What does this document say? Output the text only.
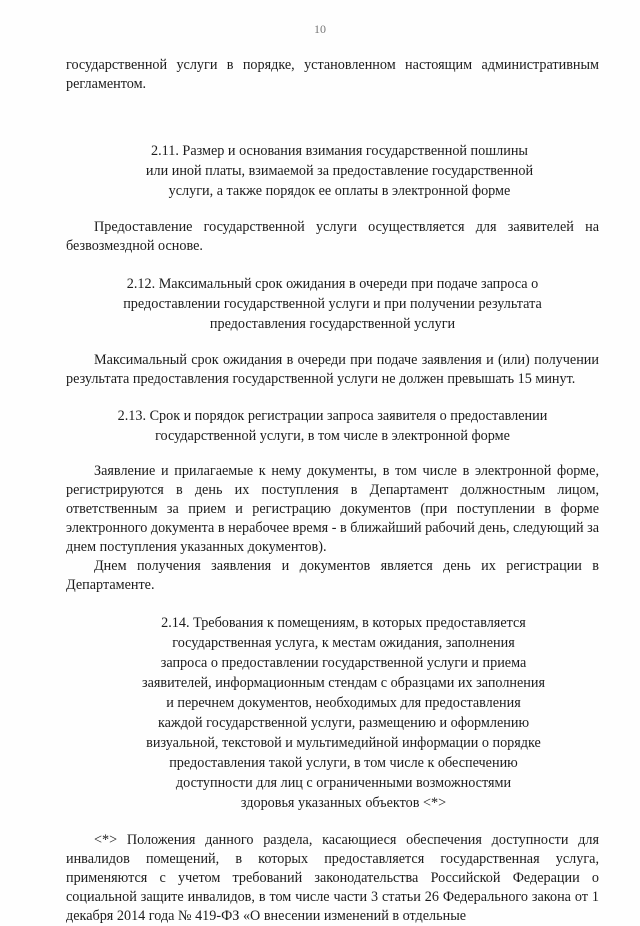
10

государственной услуги в порядке, установленном настоящим административным регламентом.

2.11. Размер и основания взимания государственной пошлины
или иной платы, взимаемой за предоставление государственной
услуги, а также порядок ее оплаты в электронной форме

Предоставление государственной услуги осуществляется для заявителей на безвозмездной основе.

2.12. Максимальный срок ожидания в очереди при подаче запроса о
предоставлении государственной услуги и при получении результата
предоставления государственной услуги

Максимальный срок ожидания в очереди при подаче заявления и (или) получении результата предоставления государственной услуги не должен превышать 15 минут.

2.13. Срок и порядок регистрации запроса заявителя о предоставлении
государственной услуги, в том числе в электронной форме

Заявление и прилагаемые к нему документы, в том числе в электронной форме, регистрируются в день их поступления в Департамент должностным лицом, ответственным за прием и регистрацию документов (при поступлении в форме электронного документа в нерабочее время - в ближайший рабочий день, следующий за днем поступления указанных документов).

Днем получения заявления и документов является день их регистрации в Департаменте.

2.14. Требования к помещениям, в которых предоставляется
государственная услуга, к местам ожидания, заполнения
запроса о предоставлении государственной услуги и приема
заявителей, информационным стендам с образцами их заполнения
и перечнем документов, необходимых для предоставления
каждой государственной услуги, размещению и оформлению
визуальной, текстовой и мультимедийной информации о порядке
предоставления такой услуги, в том числе к обеспечению
доступности для лиц с ограниченными возможностями
здоровья указанных объектов <*>

<*> Положения данного раздела, касающиеся обеспечения доступности для инвалидов помещений, в которых предоставляется государственная услуга, применяются с учетом требований законодательства Российской Федерации о социальной защите инвалидов, в том числе части 3 статьи 26 Федерального закона от 1 декабря 2014 года № 419-ФЗ «О внесении изменений в отдельные
